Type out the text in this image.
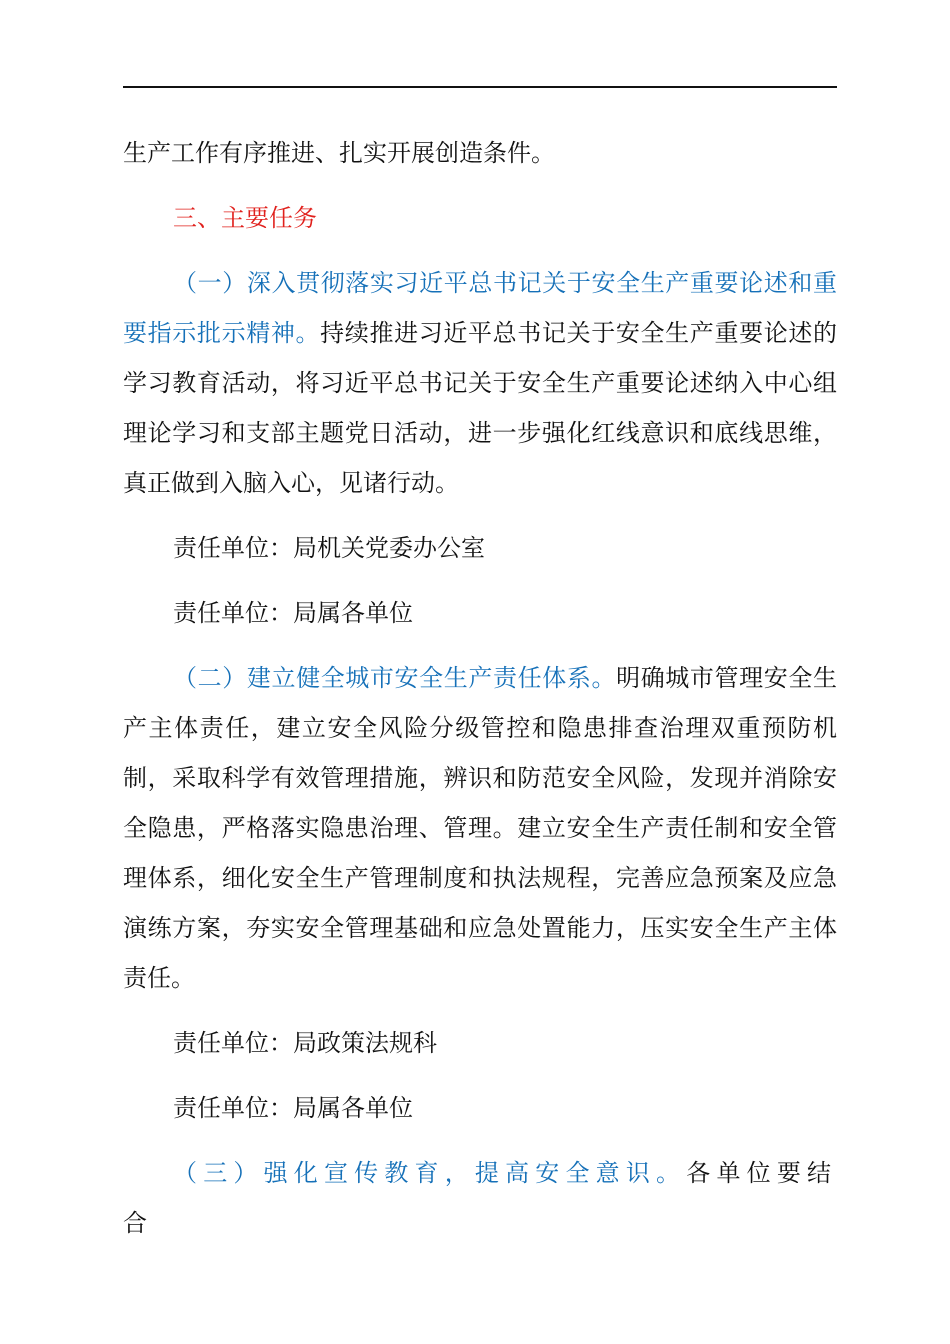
生产工作有序推进、扎实开展创造条件。

三、主要任务

（一）深入贯彻落实习近平总书记关于安全生产重要论述和重要指示批示精神。持续推进习近平总书记关于安全生产重要论述的学习教育活动，将习近平总书记关于安全生产重要论述纳入中心组理论学习和支部主题党日活动，进一步强化红线意识和底线思维，真正做到入脑入心，见诸行动。

责任单位：局机关党委办公室

责任单位：局属各单位

（二）建立健全城市安全生产责任体系。明确城市管理安全生产主体责任，建立安全风险分级管控和隐患排查治理双重预防机制，采取科学有效管理措施，辨识和防范安全风险，发现并消除安全隐患，严格落实隐患治理、管理。建立安全生产责任制和安全管理体系，细化安全生产管理制度和执法规程，完善应急预案及应急演练方案，夯实安全管理基础和应急处置能力，压实安全生产主体责任。

责任单位：局政策法规科

责任单位：局属各单位

（三）强化宣传教育，提高安全意识。各单位要结合
